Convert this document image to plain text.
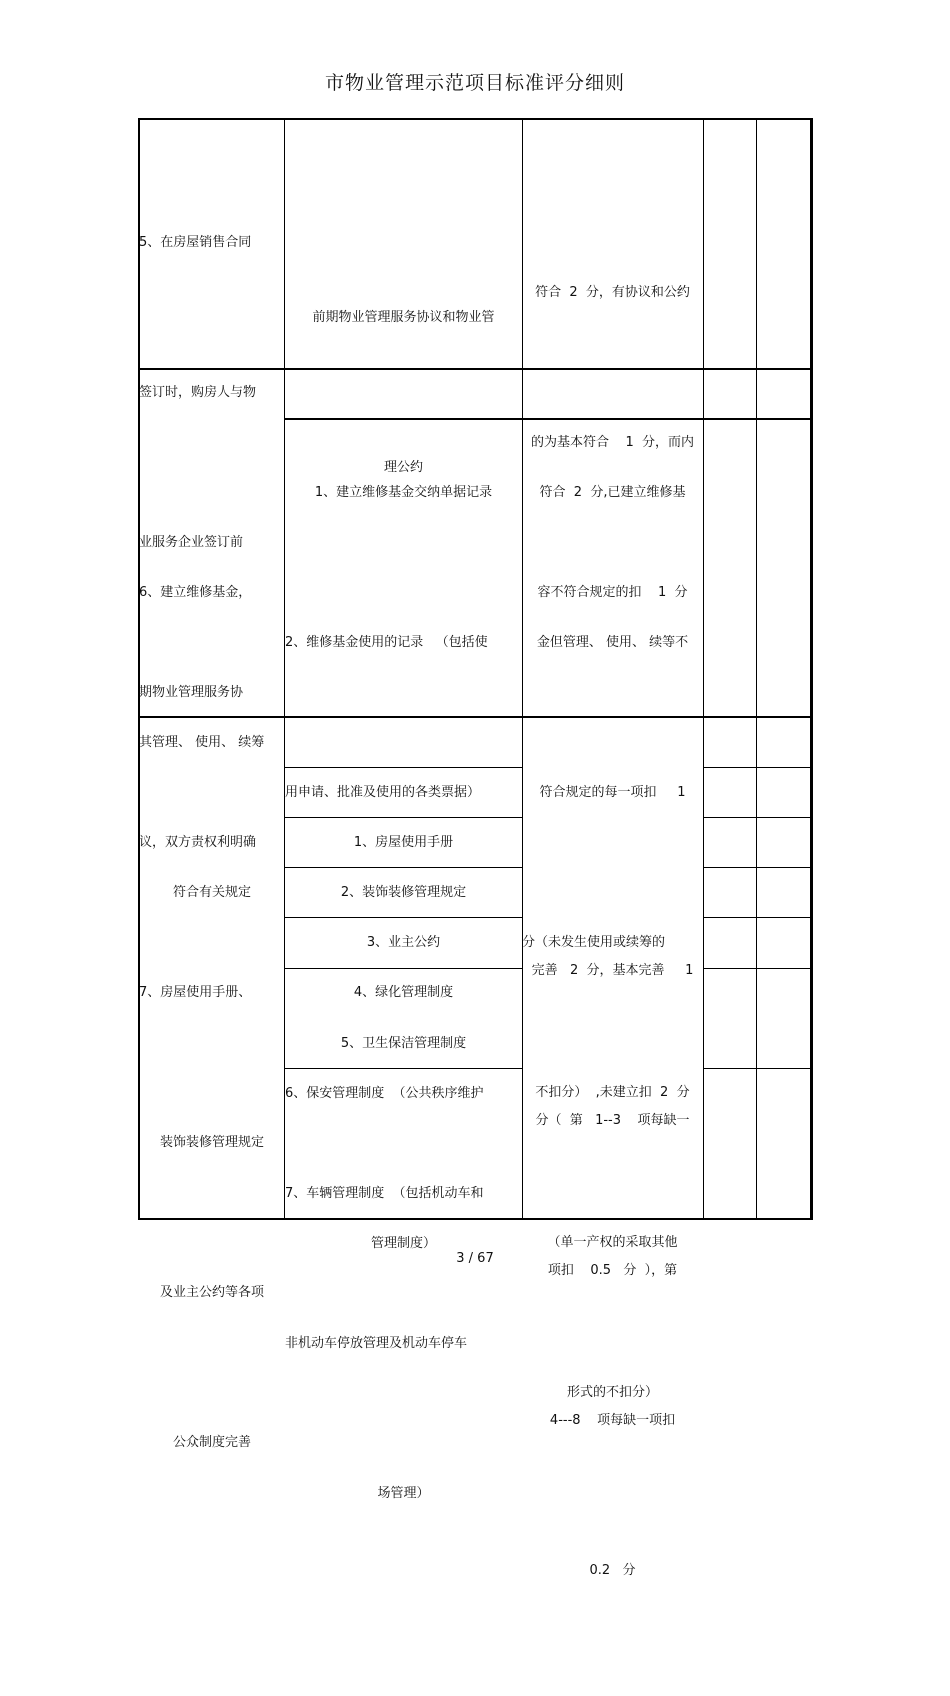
市物业管理示范项目标准评分细则

5、在房屋销售合同

签订时，购房人与物

业服务企业签订前

期物业管理服务协

议，双方责权利明确

前期物业管理服务协议和物业管

理公约

符合  2  分，有协议和公约

的为基本符合    1  分，而内

容不符合规定的扣    1  分

6、建立维修基金，

其管理、 使用、 续筹

符合有关规定

1、建立维修基金交纳单据记录

2、维修基金使用的记录   （包括使

用申请、批准及使用的各类票据）

符合  2  分,已建立维修基

金但管理、 使用、 续等不

符合规定的每一项扣     1

分（未发生使用或续筹的

不扣分）  ,未建立扣  2  分

（单一产权的采取其他

形式的不扣分）

7、房屋使用手册、

装饰装修管理规定

及业主公约等各项

公众制度完善

1、房屋使用手册

2、装饰装修管理规定

3、业主公约

4、绿化管理制度

5、卫生保洁管理制度

6、保安管理制度  （公共秩序维护

管理制度）

7、车辆管理制度  （包括机动车和

非机动车停放管理及机动车停车

场管理）

完善   2  分，基本完善     1

分（  第   1--3    项每缺一

项扣    0.5   分  ），第

4---8    项每缺一项扣

0.2   分

3 / 67
